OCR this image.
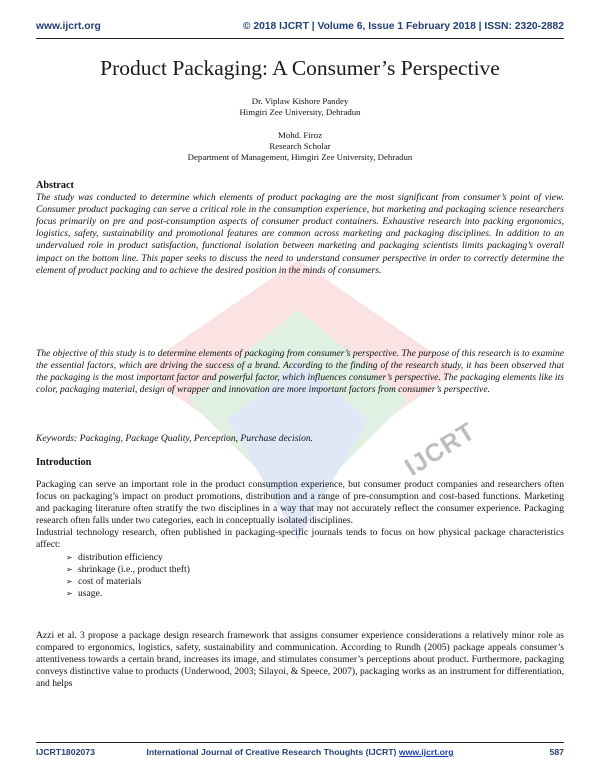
www.ijcrt.org	© 2018 IJCRT | Volume 6, Issue 1 February 2018 | ISSN: 2320-2882
IJCRT
Product Packaging: A Consumer’s Perspective
Dr. Viplaw Kishore Pandey
Himgiri Zee University, Dehradun
Mohd. Firoz
Research Scholar
Department of Management, Himgiri Zee University, Dehradun
Abstract

The study was conducted to determine which elements of product packaging are the most significant from consumer’s point of view. Consumer product packaging can serve a critical role in the consumption experience, but marketing and packaging science researchers focus primarily on pre and post-consumption aspects of consumer product containers. Exhaustive research into packing ergonomics, logistics, safety, sustainability and promotional features are common across marketing and packaging disciplines. In addition to an undervalued role in product satisfaction, functional isolation between marketing and packaging scientists limits packaging’s overall impact on the bottom line. This paper seeks to discuss the need to understand consumer perspective in order to correctly determine the element of product packing and to achieve the desired position in the minds of consumers.

The objective of this study is to determine elements of packaging from consumer’s perspective. The purpose of this research is to examine the essential factors, which are driving the success of a brand. According to the finding of the research study, it has been observed that the packaging is the most important factor and powerful factor, which influences consumer’s perspective. The packaging elements like its color, packaging material, design of wrapper and innovation are more important factors from consumer’s perspective.

Keywords: Packaging, Package Quality, Perception, Purchase decision.
Introduction

Packaging can serve an important role in the product consumption experience, but consumer product companies and researchers often focus on packaging’s impact on product promotions, distribution and a range of pre-consumption and cost-based functions. Marketing and packaging literature often stratify the two disciplines in a way that may not accurately reflect the consumer experience. Packaging research often falls under two categories, each in conceptually isolated disciplines.

Industrial technology research, often published in packaging-specific journals tends to focus on how physical package characteristics affect:

➢ distribution efficiency
➢ shrinkage (i.e., product theft)
➢ cost of materials
➢ usage.
Azzi et al. 3 propose a package design research framework that assigns consumer experience considerations a relatively minor role as compared to ergonomics, logistics, safety, sustainability and communication. According to Rundh (2005) package appeals consumer’s attentiveness towards a certain brand, increases its image, and stimulates consumer’s perceptions about product. Furthermore, packaging conveys distinctive value to products (Underwood, 2003; Silayoi, & Speece, 2007), packaging works as an instrument for differentiation, and helps
IJCRT1802073	International Journal of Creative Research Thoughts (IJCRT) www.ijcrt.org	587
